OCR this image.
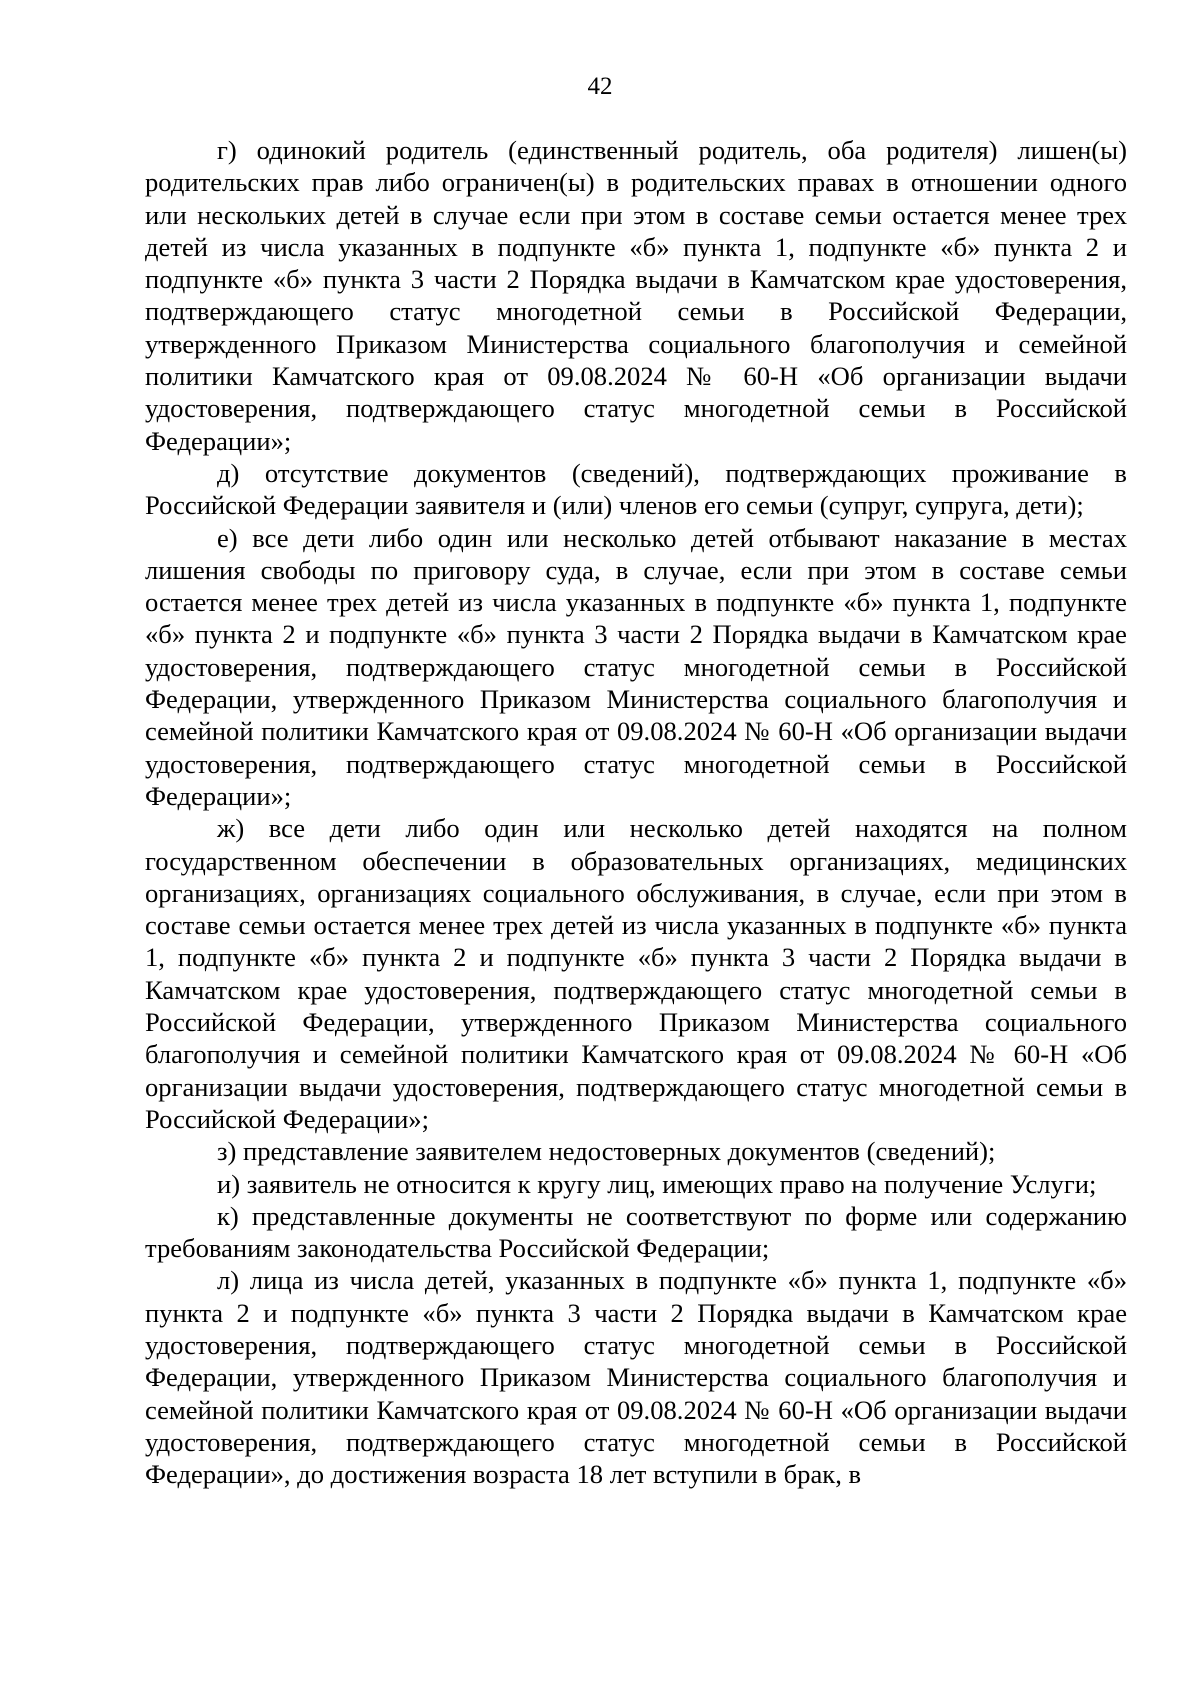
42

г) одинокий родитель (единственный родитель, оба родителя) лишен(ы) родительских прав либо ограничен(ы) в родительских правах в отношении одного или нескольких детей в случае если при этом в составе семьи остается менее трех детей из числа указанных в подпункте «б» пункта 1, подпункте «б» пункта 2 и подпункте «б» пункта 3 части 2 Порядка выдачи в Камчатском крае удостоверения, подтверждающего статус многодетной семьи в Российской Федерации, утвержденного Приказом Министерства социального благополучия и семейной политики Камчатского края от 09.08.2024 № 60-Н «Об организации выдачи удостоверения, подтверждающего статус многодетной семьи в Российской Федерации»;

д) отсутствие документов (сведений), подтверждающих проживание в Российской Федерации заявителя и (или) членов его семьи (супруг, супруга, дети);

е) все дети либо один или несколько детей отбывают наказание в местах лишения свободы по приговору суда, в случае, если при этом в составе семьи остается менее трех детей из числа указанных в подпункте «б» пункта 1, подпункте «б» пункта 2 и подпункте «б» пункта 3 части 2 Порядка выдачи в Камчатском крае удостоверения, подтверждающего статус многодетной семьи в Российской Федерации, утвержденного Приказом Министерства социального благополучия и семейной политики Камчатского края от 09.08.2024 № 60-Н «Об организации выдачи удостоверения, подтверждающего статус многодетной семьи в Российской Федерации»;

ж) все дети либо один или несколько детей находятся на полном государственном обеспечении в образовательных организациях, медицинских организациях, организациях социального обслуживания, в случае, если при этом в составе семьи остается менее трех детей из числа указанных в подпункте «б» пункта 1, подпункте «б» пункта 2 и подпункте «б» пункта 3 части 2 Порядка выдачи в Камчатском крае удостоверения, подтверждающего статус многодетной семьи в Российской Федерации, утвержденного Приказом Министерства социального благополучия и семейной политики Камчатского края от 09.08.2024 № 60-Н «Об организации выдачи удостоверения, подтверждающего статус многодетной семьи в Российской Федерации»;

з) представление заявителем недостоверных документов (сведений);

и) заявитель не относится к кругу лиц, имеющих право на получение Услуги;

к) представленные документы не соответствуют по форме или содержанию требованиям законодательства Российской Федерации;

л) лица из числа детей, указанных в подпункте «б» пункта 1, подпункте «б» пункта 2 и подпункте «б» пункта 3 части 2 Порядка выдачи в Камчатском крае удостоверения, подтверждающего статус многодетной семьи в Российской Федерации, утвержденного Приказом Министерства социального благополучия и семейной политики Камчатского края от 09.08.2024 № 60-Н «Об организации выдачи удостоверения, подтверждающего статус многодетной семьи в Российской Федерации», до достижения возраста 18 лет вступили в брак, в
